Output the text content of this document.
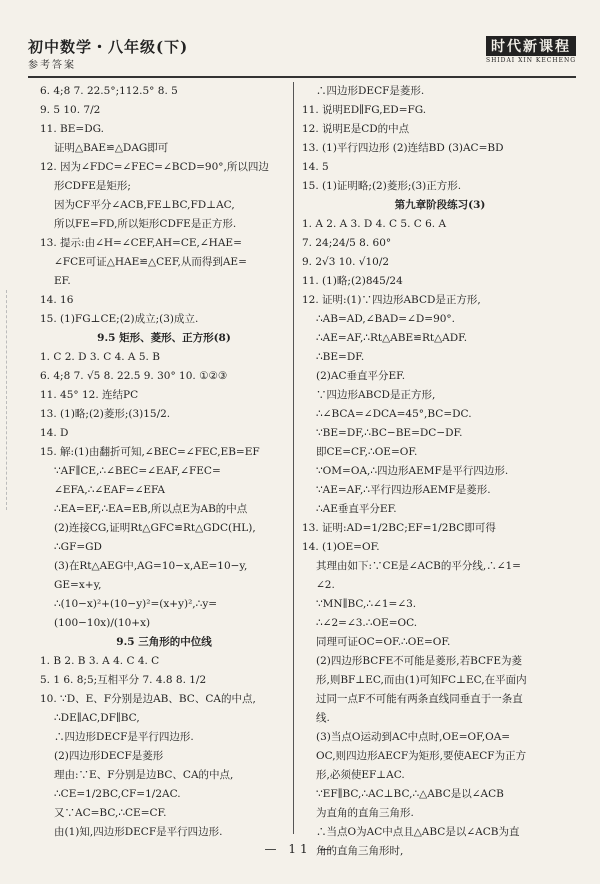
初中数学・八年级(下)
参考答案
时代新课程
SHIDAI XIN KECHENG
6. 4;8 7. 22.5°;112.5° 8. 5
9. 5 10. 7/2
11. BE=DG.
证明△BAE≌△DAG即可
12. 因为∠FDC=∠FEC=∠BCD=90°,所以四边
形CDFE是矩形;
因为CF平分∠ACB,FE⊥BC,FD⊥AC,
所以FE=FD,所以矩形CDFE是正方形.
13. 提示:由∠H=∠CEF,AH=CE,∠HAE=
∠FCE可证△HAE≌△CEF,从而得到AE=
EF.
14. 16
15. (1)FG⊥CE;(2)成立;(3)成立.
9.5 矩形、菱形、正方形(8)
1. C 2. D 3. C 4. A 5. B
6. 4;8 7. √5 8. 22.5 9. 30° 10. ①②③
11. 45° 12. 连结PC
13. (1)略;(2)菱形;(3)15/2.
14. D
15. 解:(1)由翻折可知,∠BEC=∠FEC,EB=EF
∵AF∥CE,∴∠BEC=∠EAF,∠FEC=
∠EFA,∴∠EAF=∠EFA
∴EA=EF,∴EA=EB,所以点E为AB的中点
(2)连接CG,证明Rt△GFC≌Rt△GDC(HL),
∴GF=GD
(3)在Rt△AEG中,AG=10−x,AE=10−y,
GE=x+y,
∴(10−x)²+(10−y)²=(x+y)²,∴y=
(100−10x)/(10+x)
9.5 三角形的中位线
1. B 2. B 3. A 4. C 4. C
5. 1 6. 8;5;互相平分 7. 4.8 8. 1/2
10. ∵D、E、F分别是边AB、BC、CA的中点,
∴DE∥AC,DF∥BC,
∴四边形DECF是平行四边形.
(2)四边形DECF是菱形
理由:∵E、F分别是边BC、CA的中点,
∴CE=1/2BC,CF=1/2AC.
又∵AC=BC,∴CE=CF.
由(1)知,四边形DECF是平行四边形.
∴四边形DECF是菱形.
11. 说明ED∥FG,ED=FG.
12. 说明E是CD的中点
13. (1)平行四边形 (2)连结BD (3)AC=BD
14. 5
15. (1)证明略;(2)菱形;(3)正方形.
第九章阶段练习(3)
1. A 2. A 3. D 4. C 5. C 6. A
7. 24;24/5 8. 60°
9. 2√3 10. √10/2
11. (1)略;(2)845/24
12. 证明:(1)∵四边形ABCD是正方形,
∴AB=AD,∠BAD=∠D=90°.
∴AE=AF,∴Rt△ABE≌Rt△ADF.
∴BE=DF.
(2)AC垂直平分EF.
∵四边形ABCD是正方形,
∴∠BCA=∠DCA=45°,BC=DC.
∵BE=DF,∴BC−BE=DC−DF.
即CE=CF,∴OE=OF.
∵OM=OA,∴四边形AEMF是平行四边形.
∵AE=AF,∴平行四边形AEMF是菱形.
∴AE垂直平分EF.
13. 证明:AD=1/2BC;EF=1/2BC即可得
14. (1)OE=OF.
其理由如下:∵CE是∠ACB的平分线,∴∠1=
∠2.
∵MN∥BC,∴∠1=∠3.
∴∠2=∠3.∴OE=OC.
同理可证OC=OF.∴OE=OF.
(2)四边形BCFE不可能是菱形,若BCFE为菱
形,则BF⊥EC,而由(1)可知FC⊥EC,在平面内
过同一点F不可能有两条直线同垂直于一条直
线.
(3)当点O运动到AC中点时,OE=OF,OA=
OC,则四边形AECF为矩形,要使AECF为正方
形,必须使EF⊥AC.
∵EF∥BC,∴AC⊥BC,∴△ABC是以∠ACB
为直角的直角三角形.
∴当点O为AC中点且△ABC是以∠ACB为直
角的直角三角形时,
— 11 —
